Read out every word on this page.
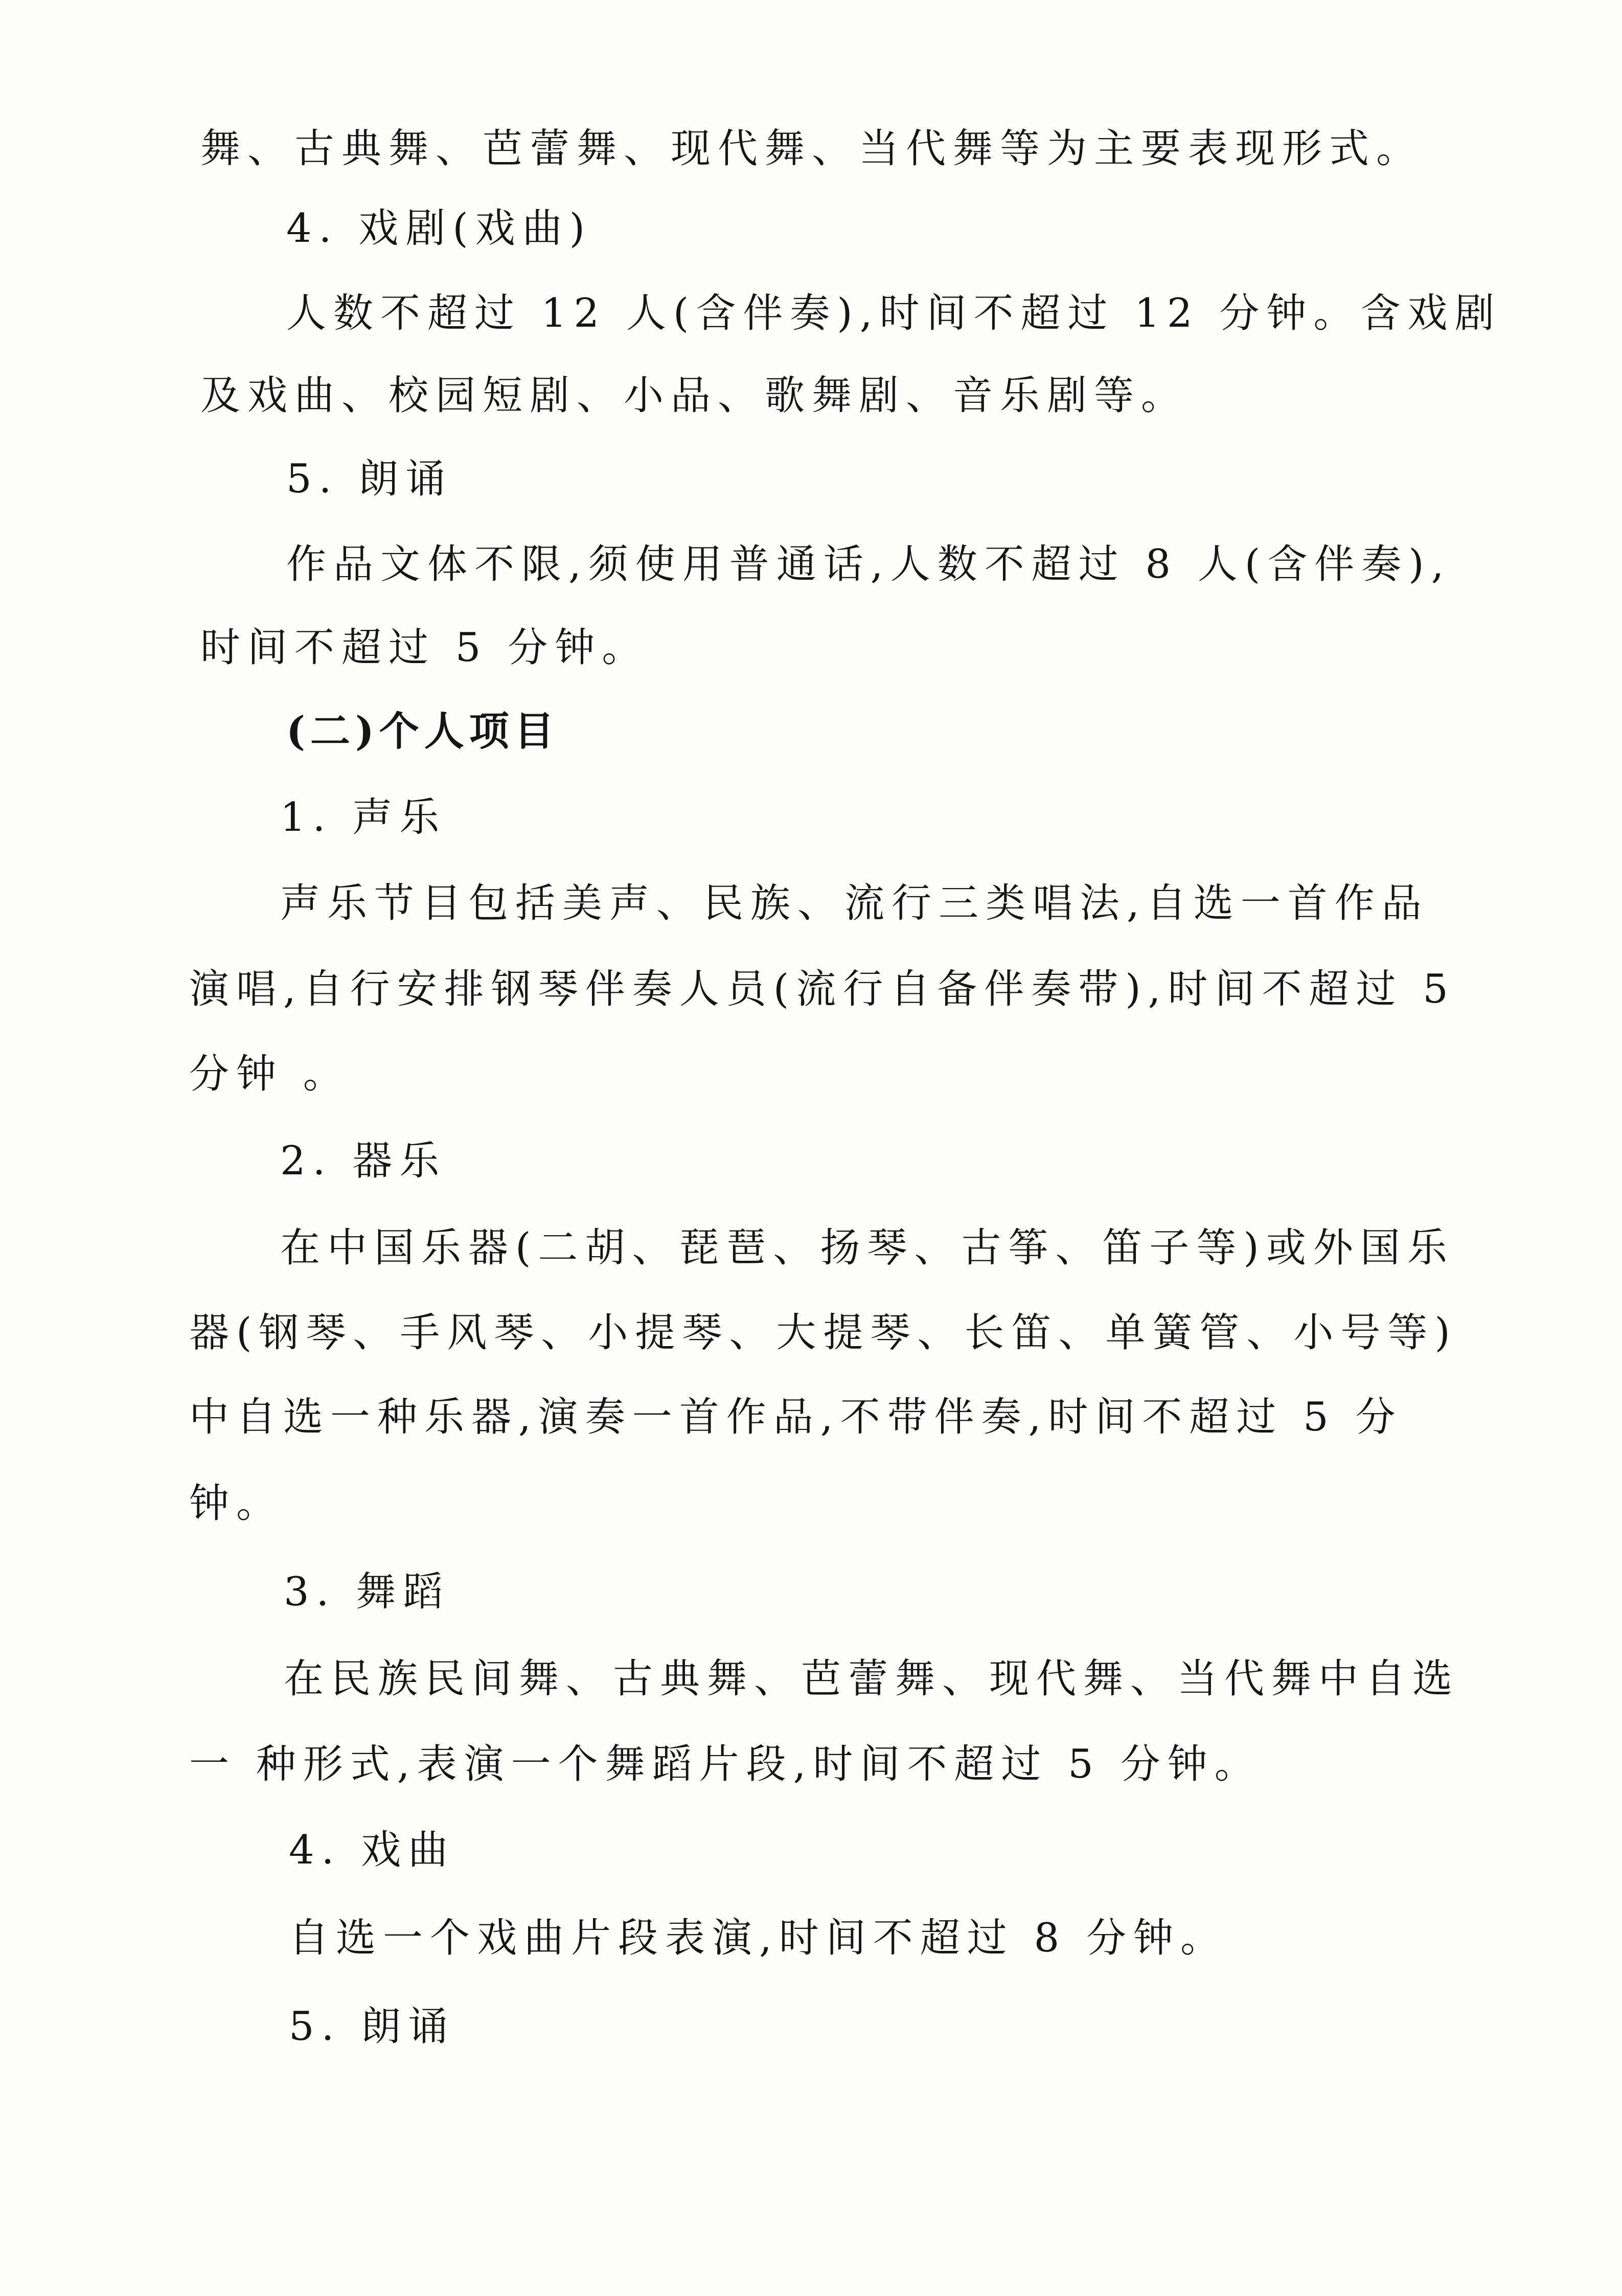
舞、古典舞、芭蕾舞、现代舞、当代舞等为主要表现形式。
4. 戏剧(戏曲)
人数不超过 12 人(含伴奏),时间不超过 12 分钟。含戏剧
及戏曲、校园短剧、小品、歌舞剧、音乐剧等。
5. 朗诵
作品文体不限,须使用普通话,人数不超过 8 人(含伴奏),
时间不超过 5 分钟。
(二)个人项目
1. 声乐
声乐节目包括美声、民族、流行三类唱法,自选一首作品
演唱,自行安排钢琴伴奏人员(流行自备伴奏带),时间不超过 5
分钟 。
2. 器乐
在中国乐器(二胡、琵琶、扬琴、古筝、笛子等)或外国乐
器(钢琴、手风琴、小提琴、大提琴、长笛、单簧管、小号等)
中自选一种乐器,演奏一首作品,不带伴奏,时间不超过 5 分
钟。
3. 舞蹈
在民族民间舞、古典舞、芭蕾舞、现代舞、当代舞中自选
一 种形式,表演一个舞蹈片段,时间不超过 5 分钟。
4. 戏曲
自选一个戏曲片段表演,时间不超过 8 分钟。
5. 朗诵
